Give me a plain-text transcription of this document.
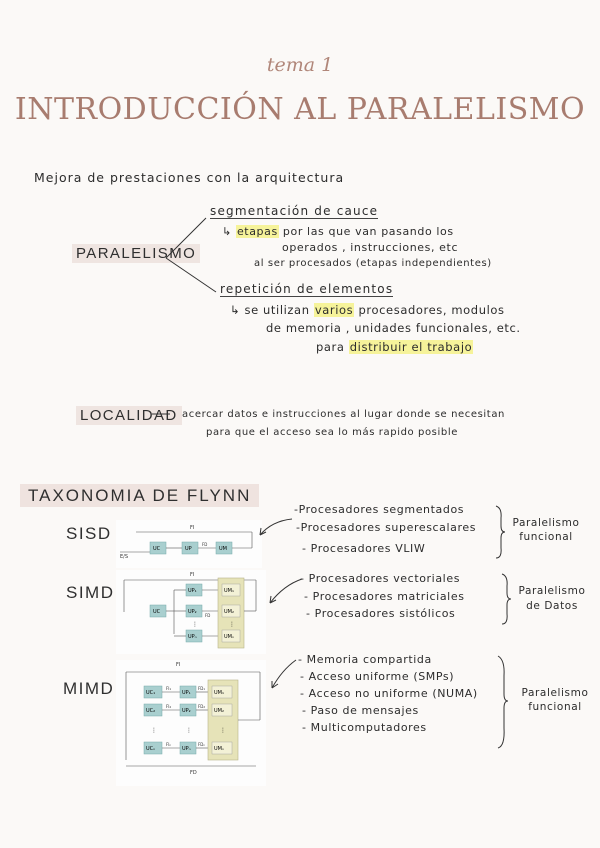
tema 1
INTRODUCCIÓN AL PARALELISMO
Mejora de prestaciones con la arquitectura
PARALELISMO
segmentación de cauce
↳ etapas por las que van pasando los
operados , instrucciones, etc
al ser procesados (etapas independientes)
repetición de elementos
↳ se utilizan varios procesadores, modulos
de memoria , unidades funcionales, etc.
para distribuir el trabajo
LOCALIDAD acercar datos e instrucciones al lugar donde se necesitan
para que el acceso sea lo más rapido posible
TAXONOMIA DE FLYNN
SISD
SIMD
MIMD
FI
E/S
UC	UP
FD
UM
FI
UC
UP₁
UP₂
⋮
UPₙ
FD
UM₁
UM₂
⋮
UMₙ
FI
UC₁
UC₂
⋮
UCₙ
FI₁
FI₂
FIₙ
UP₁
UP₂
⋮
UPₙ
FD₁
FD₂
FDₙ
UM₁
UM₂
⋮
UMₙ
FD
-Procesadores segmentados
-Procesadores superescalares
- Procesadores VLIW
Paralelismo funcional
- Procesadores vectoriales
- Procesadores matriciales
- Procesadores sistólicos
Paralelismo de Datos
- Memoria compartida
- Acceso uniforme (SMPs)
- Acceso no uniforme (NUMA)
- Paso de mensajes
- Multicomputadores
Paralelismo funcional
